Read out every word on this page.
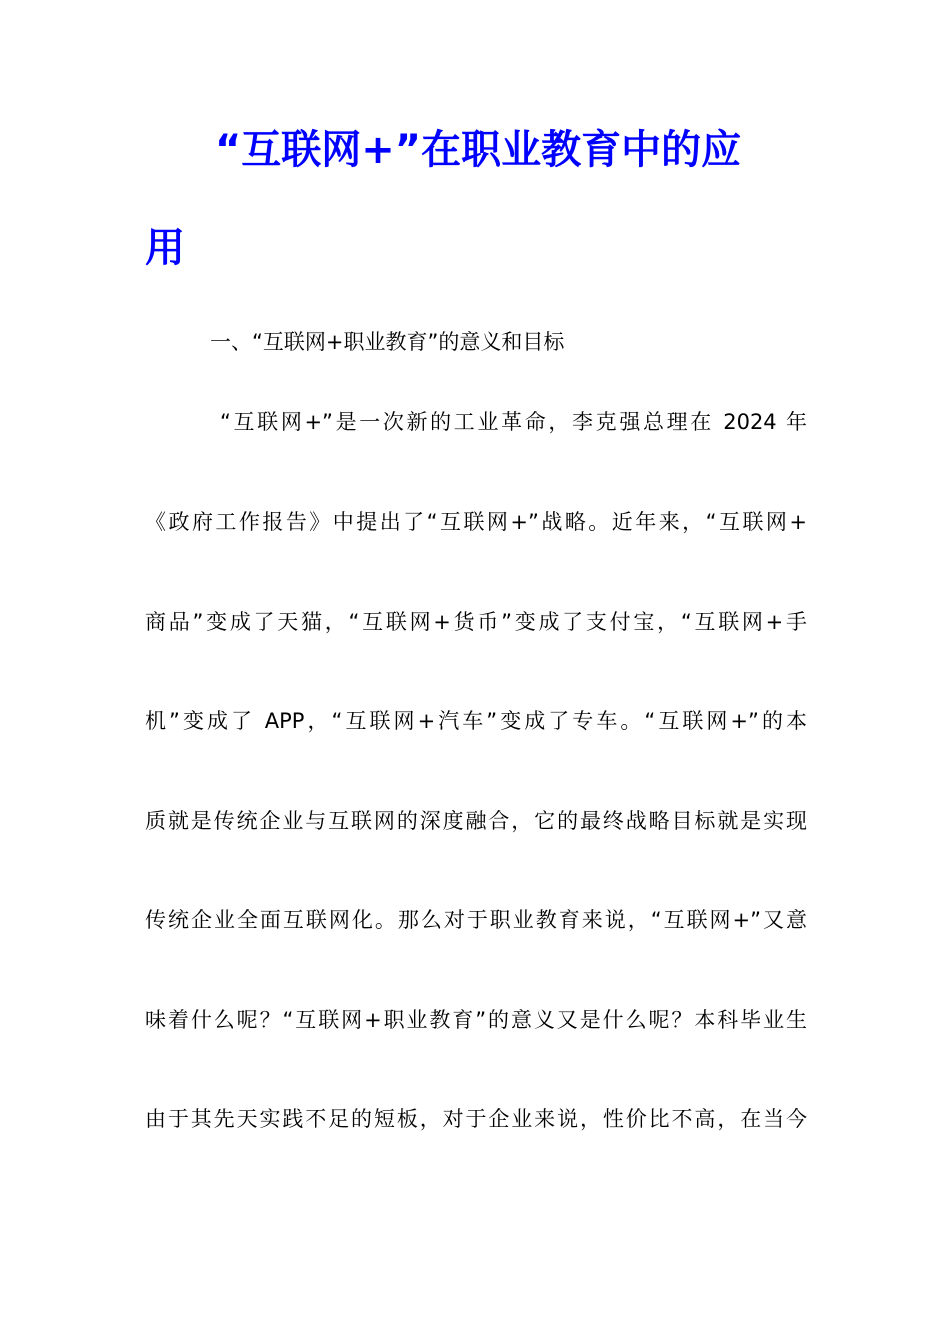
“互联网+”在职业教育中的应
用
一、“互联网+职业教育”的意义和目标

“互联网+”是一次新的工业革命，李克强总理在 2024 年

《政府工作报告》中提出了“互联网+”战略。近年来，“互联网+

商品”变成了天猫，“互联网+货币”变成了支付宝，“互联网+手

机”变成了 APP，“互联网+汽车”变成了专车。“互联网+”的本

质就是传统企业与互联网的深度融合，它的最终战略目标就是实现

传统企业全面互联网化。那么对于职业教育来说，“互联网+”又意

味着什么呢？“互联网+职业教育”的意义又是什么呢？本科毕业生

由于其先天实践不足的短板，对于企业来说，性价比不高，在当今
